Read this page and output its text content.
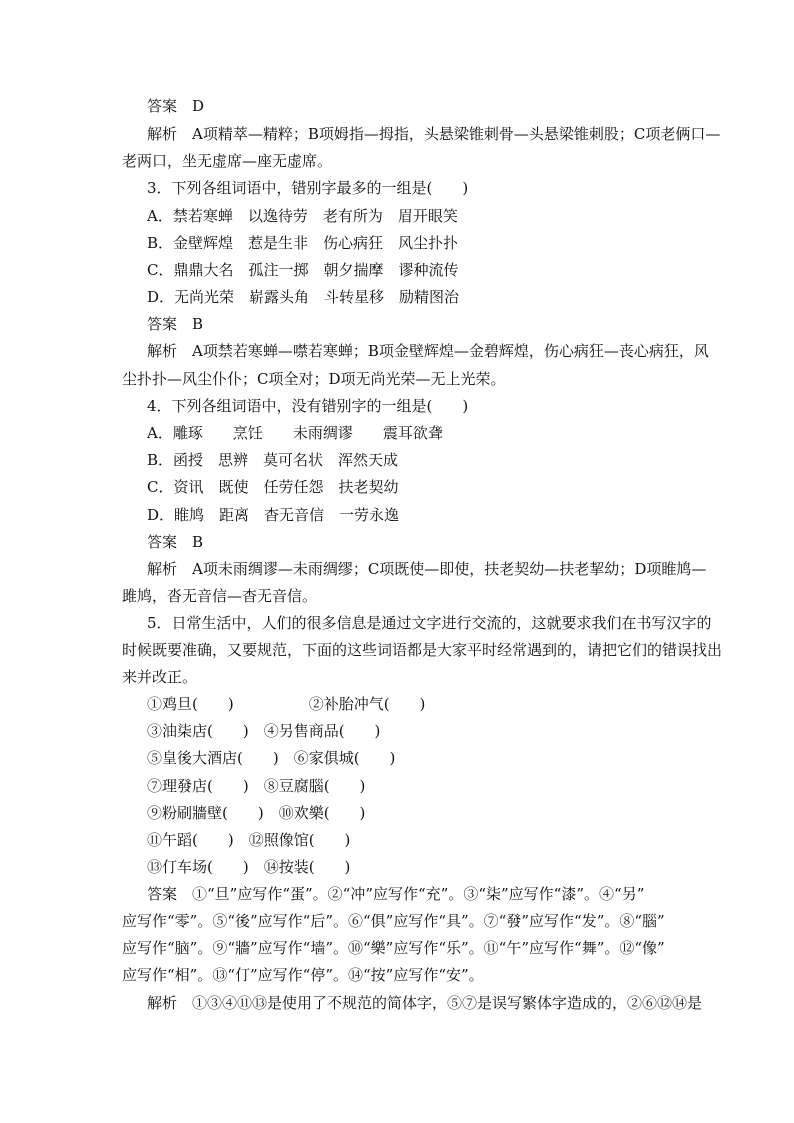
答案　D
解析　A项精萃—精粹；B项姆指—拇指，头悬梁锥刺骨—头悬梁锥刺股；C项老俩口—
老两口，坐无虚席—座无虚席。
3．下列各组词语中，错别字最多的一组是(　　)
A．禁若寒蝉　以逸待劳　老有所为　眉开眼笑
B．金壁辉煌　惹是生非　伤心病狂　风尘扑扑
C．鼎鼎大名　孤注一掷　朝夕揣摩　谬种流传
D．无尚光荣　崭露头角　斗转星移　励精图治
答案　B
解析　A项禁若寒蝉—噤若寒蝉；B项金壁辉煌—金碧辉煌，伤心病狂—丧心病狂，风
尘扑扑—风尘仆仆；C项全对；D项无尚光荣—无上光荣。
4．下列各组词语中，没有错别字的一组是(　　)
A．雕琢　　烹饪　　未雨绸谬　　震耳欲聋
B．函授　思辨　莫可名状　浑然天成
C．资讯　既使　任劳任怨　扶老契幼
D．睢鸠　距离　杳无音信　一劳永逸
答案　B
解析　A项未雨绸谬—未雨绸缪；C项既使—即使，扶老契幼—扶老挈幼；D项睢鸠—
雎鸠，沓无音信—杳无音信。
5．日常生活中，人们的很多信息是通过文字进行交流的，这就要求我们在书写汉字的
时候既要准确，又要规范，下面的这些词语都是大家平时经常遇到的，请把它们的错误找出
来并改正。
①鸡旦(　　)　　　　　②补胎冲气(　　)
③油柒店(　　)　④另售商品(　　)
⑤皇後大酒店(　　)　⑥家俱城(　　)
⑦理發店(　　)　⑧豆腐腦(　　)
⑨粉刷牆壁(　　)　⑩欢樂(　　)
⑪午蹈(　　)　⑫照像馆(　　)
⑬仃车场(　　)　⑭按装(　　)
答案　①“旦”应写作“蛋”。②“冲”应写作“充”。③“柒”应写作“漆”。④“另”
应写作“零”。⑤“後”应写作“后”。⑥“俱”应写作“具”。⑦“發”应写作“发”。⑧“腦”
应写作“脑”。⑨“牆”应写作“墙”。⑩“樂”应写作“乐”。⑪“午”应写作“舞”。⑫“像”
应写作“相”。⑬“仃”应写作“停”。⑭“按”应写作“安”。
解析　①③④⑪⑬是使用了不规范的简体字，⑤⑦是误写繁体字造成的，②⑥⑫⑭是
